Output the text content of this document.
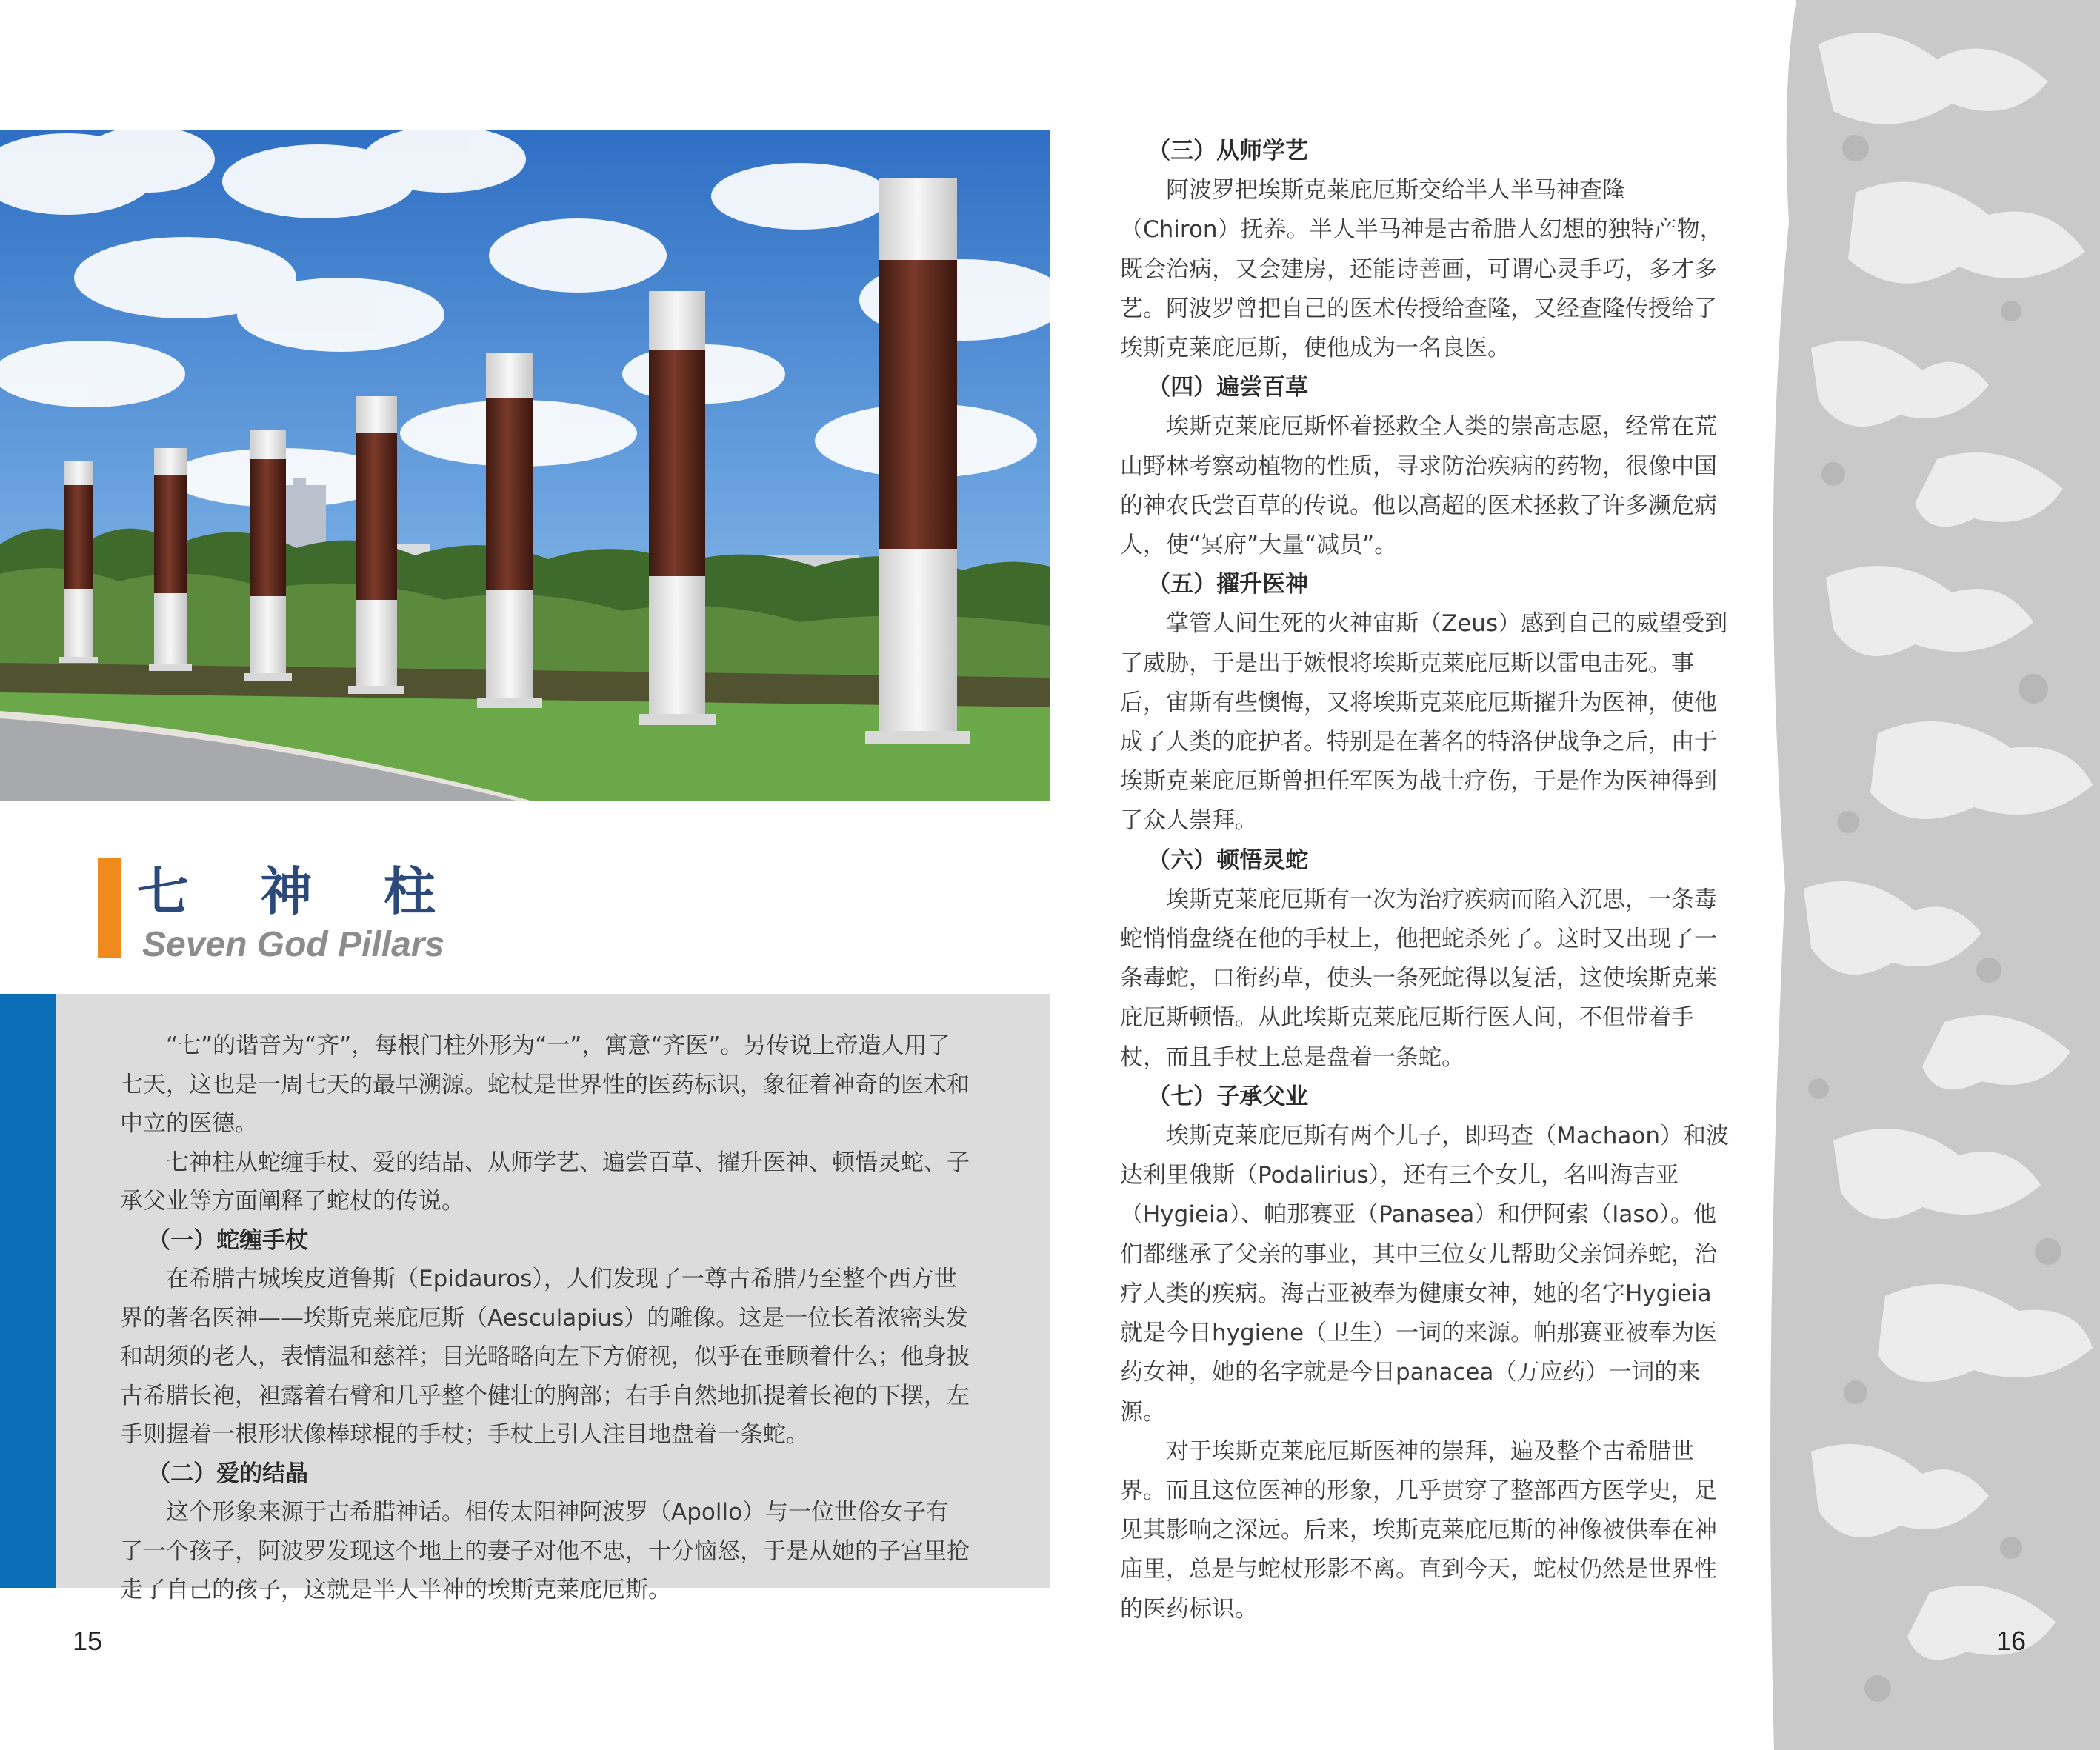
七 神 柱
Seven God Pillars

“七”的谐音为“齐”，每根门柱外形为“一”，寓意“齐医”。另传说上帝造人用了七天，这也是一周七天的最早溯源。蛇杖是世界性的医药标识，象征着神奇的医术和中立的医德。

七神柱从蛇缠手杖、爱的结晶、从师学艺、遍尝百草、擢升医神、顿悟灵蛇、子承父业等方面阐释了蛇杖的传说。

（一）蛇缠手杖

在希腊古城埃皮道鲁斯（Epidauros），人们发现了一尊古希腊乃至整个西方世界的著名医神——埃斯克莱庇厄斯（Aesculapius）的雕像。这是一位长着浓密头发和胡须的老人，表情温和慈祥；目光略略向左下方俯视，似乎在垂顾着什么；他身披古希腊长袍，袒露着右臂和几乎整个健壮的胸部；右手自然地抓提着长袍的下摆，左手则握着一根形状像棒球棍的手杖；手杖上引人注目地盘着一条蛇。

（二）爱的结晶

这个形象来源于古希腊神话。相传太阳神阿波罗（Apollo）与一位世俗女子有了一个孩子，阿波罗发现这个地上的妻子对他不忠，十分恼怒，于是从她的子宫里抢走了自己的孩子，这就是半人半神的埃斯克莱庇厄斯。

15

（三）从师学艺

阿波罗把埃斯克莱庇厄斯交给半人半马神查隆（Chiron）抚养。半人半马神是古希腊人幻想的独特产物，既会治病，又会建房，还能诗善画，可谓心灵手巧，多才多艺。阿波罗曾把自己的医术传授给查隆，又经查隆传授给了埃斯克莱庇厄斯，使他成为一名良医。

（四）遍尝百草

埃斯克莱庇厄斯怀着拯救全人类的崇高志愿，经常在荒山野林考察动植物的性质，寻求防治疾病的药物，很像中国的神农氏尝百草的传说。他以高超的医术拯救了许多濒危病人，使“冥府”大量“减员”。

（五）擢升医神

掌管人间生死的火神宙斯（Zeus）感到自己的威望受到了威胁，于是出于嫉恨将埃斯克莱庇厄斯以雷电击死。事后，宙斯有些懊悔，又将埃斯克莱庇厄斯擢升为医神，使他成了人类的庇护者。特别是在著名的特洛伊战争之后，由于埃斯克莱庇厄斯曾担任军医为战士疗伤，于是作为医神得到了众人崇拜。

（六）顿悟灵蛇

埃斯克莱庇厄斯有一次为治疗疾病而陷入沉思，一条毒蛇悄悄盘绕在他的手杖上，他把蛇杀死了。这时又出现了一条毒蛇，口衔药草，使头一条死蛇得以复活，这使埃斯克莱庇厄斯顿悟。从此埃斯克莱庇厄斯行医人间，不但带着手杖，而且手杖上总是盘着一条蛇。

（七）子承父业

埃斯克莱庇厄斯有两个儿子，即玛查（Machaon）和波达利里俄斯（Podalirius），还有三个女儿，名叫海吉亚（Hygieia）、帕那赛亚（Panasea）和伊阿索（Iaso）。他们都继承了父亲的事业，其中三位女儿帮助父亲饲养蛇，治疗人类的疾病。海吉亚被奉为健康女神，她的名字Hygieia就是今日hygiene（卫生）一词的来源。帕那赛亚被奉为医药女神，她的名字就是今日panacea（万应药）一词的来源。

对于埃斯克莱庇厄斯医神的崇拜，遍及整个古希腊世界。而且这位医神的形象，几乎贯穿了整部西方医学史，足见其影响之深远。后来，埃斯克莱庇厄斯的神像被供奉在神庙里，总是与蛇杖形影不离。直到今天，蛇杖仍然是世界性的医药标识。

16
